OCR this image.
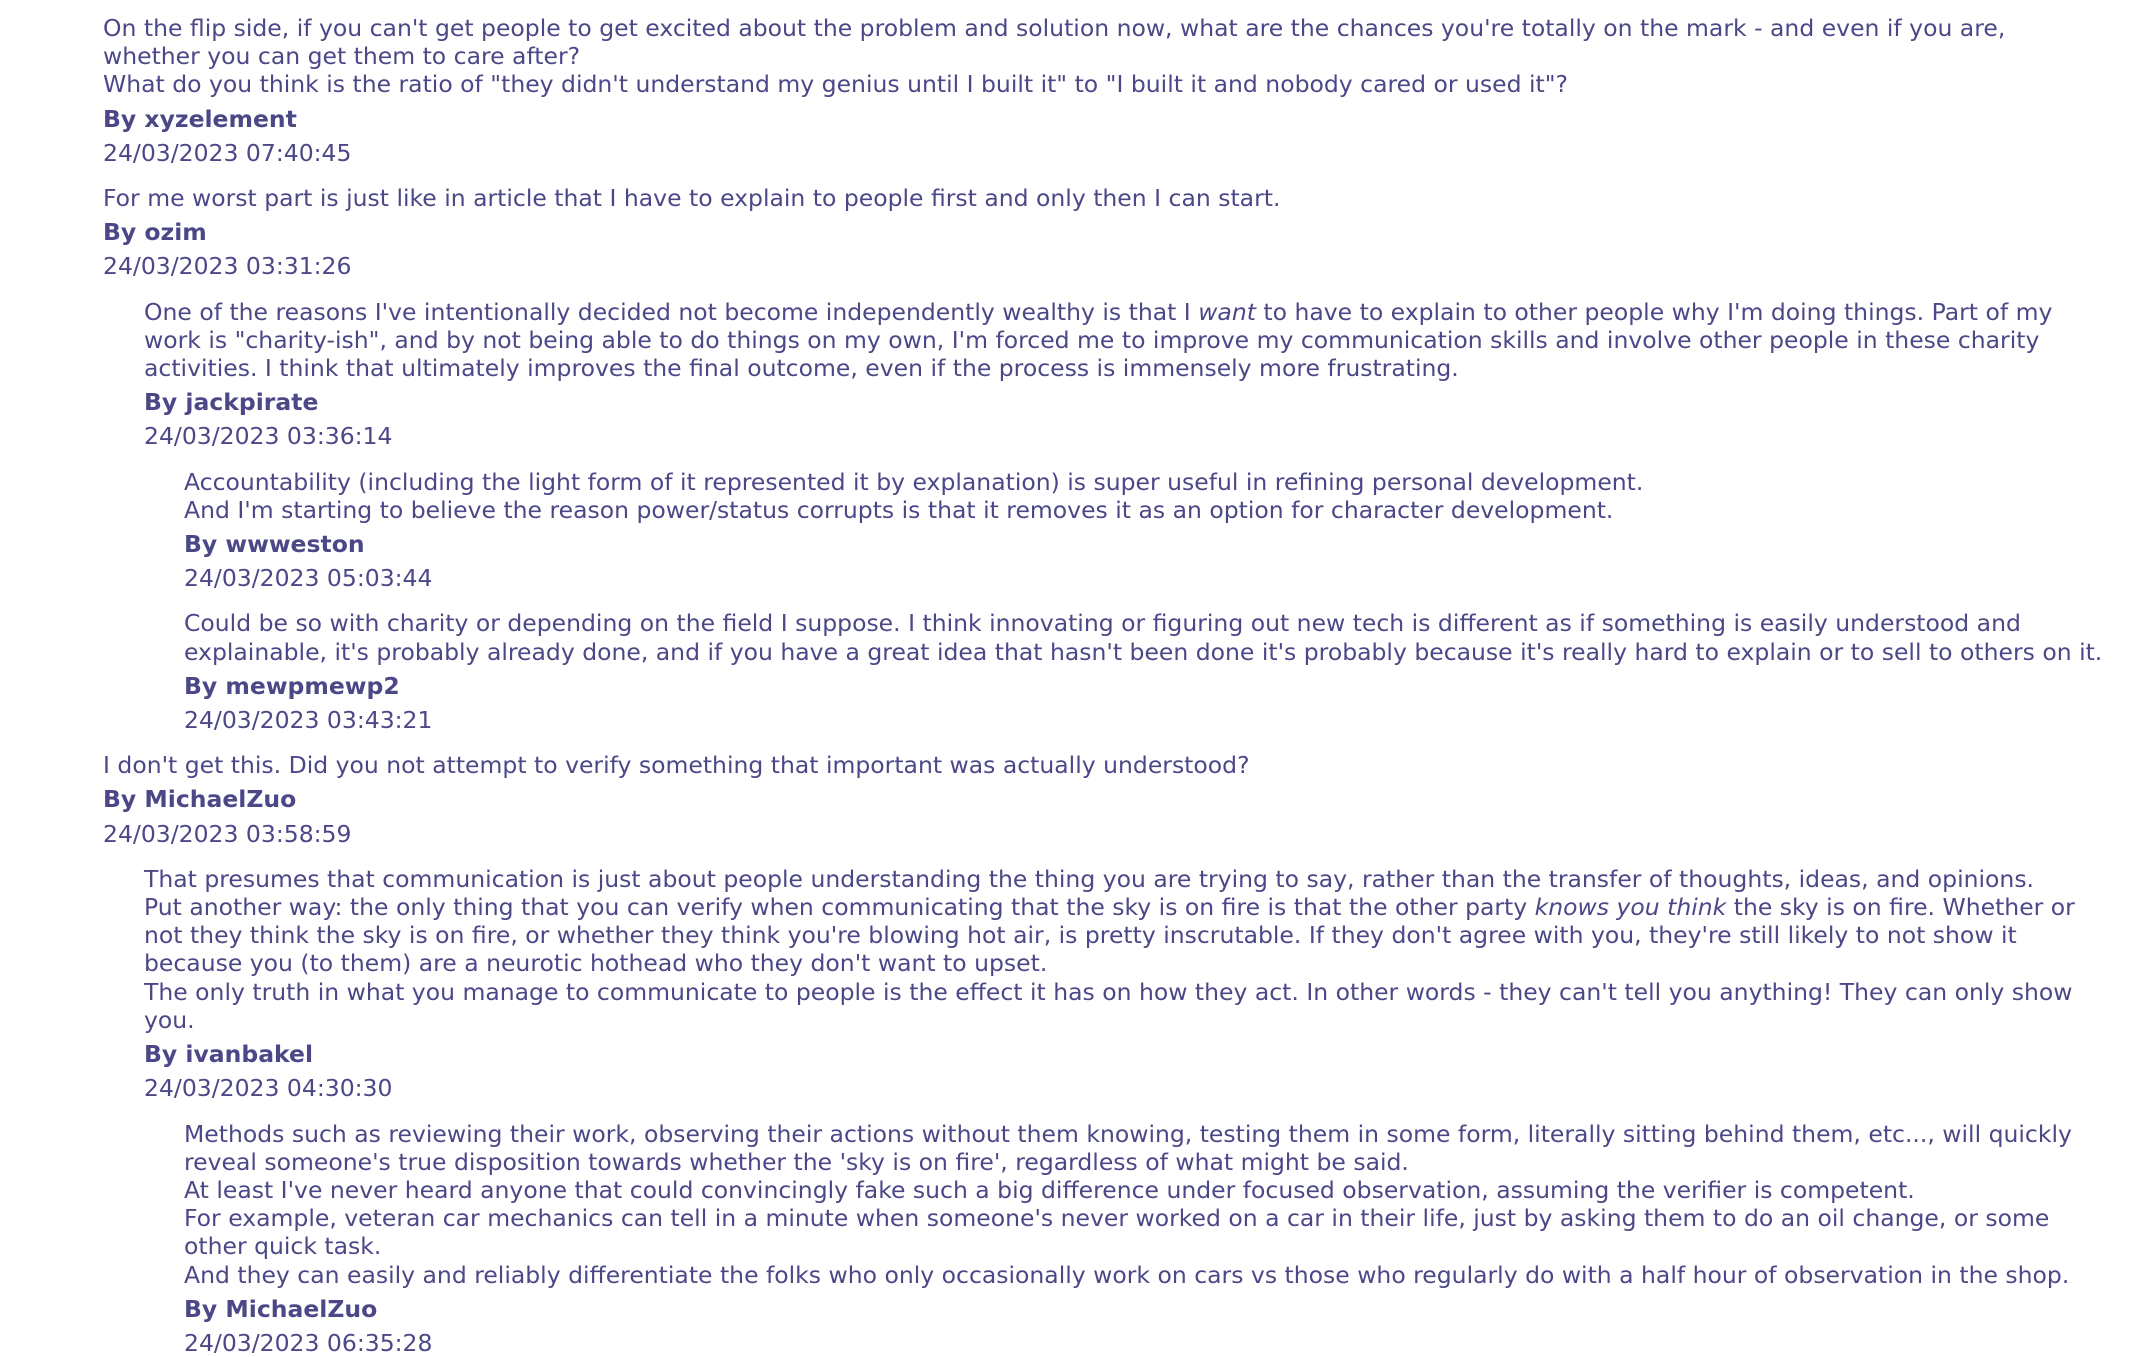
On the flip side, if you can't get people to get excited about the problem and solution now, what are the chances you're totally on the mark - and even if you are, whether you can get them to care after?
What do you think is the ratio of "they didn't understand my genius until I built it" to "I built it and nobody cared or used it"?
By xyzelement
24/03/2023 07:40:45
For me worst part is just like in article that I have to explain to people first and only then I can start.
By ozim
24/03/2023 03:31:26
One of the reasons I've intentionally decided not become independently wealthy is that I want to have to explain to other people why I'm doing things. Part of my work is "charity-ish", and by not being able to do things on my own, I'm forced me to improve my communication skills and involve other people in these charity activities. I think that ultimately improves the final outcome, even if the process is immensely more frustrating.
By jackpirate
24/03/2023 03:36:14
Accountability (including the light form of it represented it by explanation) is super useful in refining personal development.
And I'm starting to believe the reason power/status corrupts is that it removes it as an option for character development.
By wwweston
24/03/2023 05:03:44
Could be so with charity or depending on the field I suppose. I think innovating or figuring out new tech is different as if something is easily understood and explainable, it's probably already done, and if you have a great idea that hasn't been done it's probably because it's really hard to explain or to sell to others on it.
By mewpmewp2
24/03/2023 03:43:21
I don't get this. Did you not attempt to verify something that important was actually understood?
By MichaelZuo
24/03/2023 03:58:59
That presumes that communication is just about people understanding the thing you are trying to say, rather than the transfer of thoughts, ideas, and opinions.
Put another way: the only thing that you can verify when communicating that the sky is on fire is that the other party knows you think the sky is on fire. Whether or not they think the sky is on fire, or whether they think you're blowing hot air, is pretty inscrutable. If they don't agree with you, they're still likely to not show it because you (to them) are a neurotic hothead who they don't want to upset.
The only truth in what you manage to communicate to people is the effect it has on how they act. In other words - they can't tell you anything! They can only show you.
By ivanbakel
24/03/2023 04:30:30
Methods such as reviewing their work, observing their actions without them knowing, testing them in some form, literally sitting behind them, etc..., will quickly reveal someone's true disposition towards whether the 'sky is on fire', regardless of what might be said.
At least I've never heard anyone that could convincingly fake such a big difference under focused observation, assuming the verifier is competent.
For example, veteran car mechanics can tell in a minute when someone's never worked on a car in their life, just by asking them to do an oil change, or some other quick task.
And they can easily and reliably differentiate the folks who only occasionally work on cars vs those who regularly do with a half hour of observation in the shop.
By MichaelZuo
24/03/2023 06:35:28
